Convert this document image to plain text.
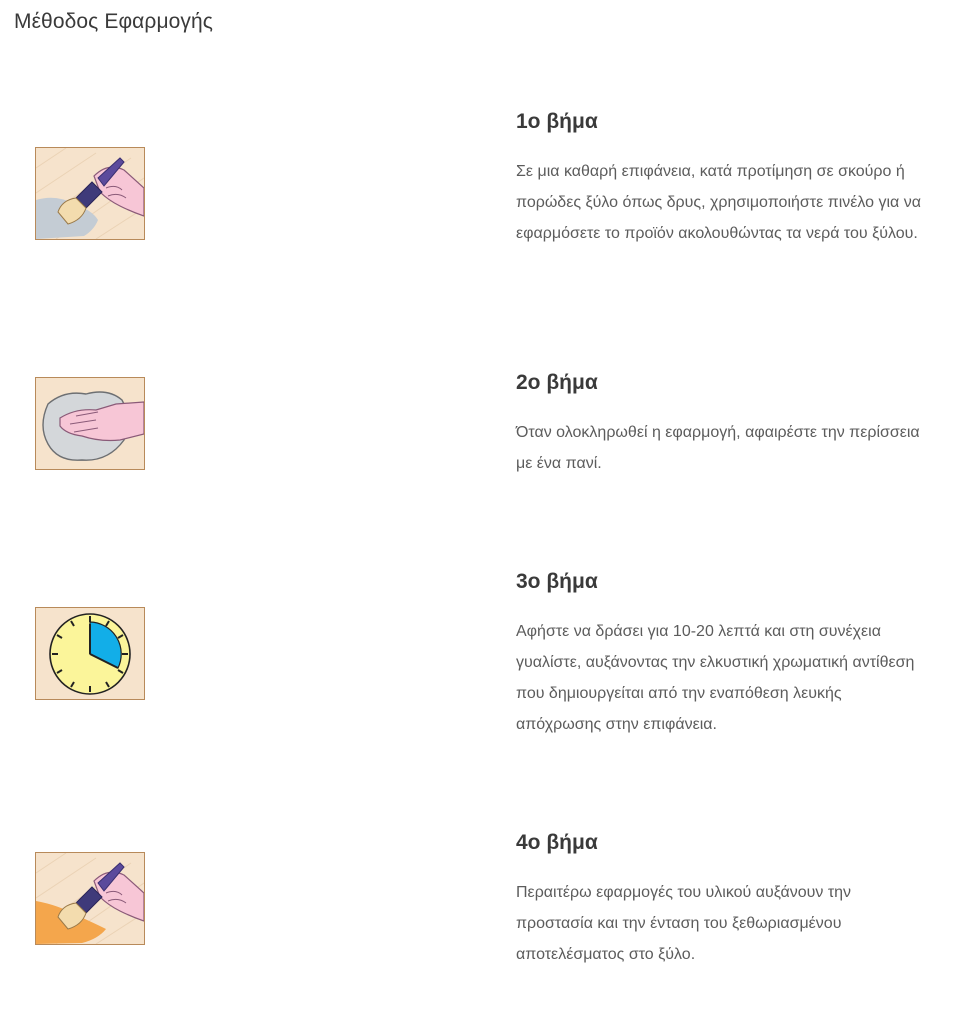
Μέθοδος Εφαρμογής
1ο βήμα

Σε μια καθαρή επιφάνεια, κατά προτίμηση σε σκούρο ή πορώδες ξύλο όπως δρυς, χρησιμοποιήστε πινέλο για να εφαρμόσετε το προϊόν ακολουθώντας τα νερά του ξύλου.

2ο βήμα

Όταν ολοκληρωθεί η εφαρμογή, αφαιρέστε την περίσσεια με ένα πανί.

3ο βήμα

Αφήστε να δράσει για 10-20 λεπτά και στη συνέχεια γυαλίστε, αυξάνοντας την ελκυστική χρωματική αντίθεση που δημιουργείται από την εναπόθεση λευκής απόχρωσης στην επιφάνεια.

4ο βήμα

Περαιτέρω εφαρμογές του υλικού αυξάνουν την προστασία και την ένταση του ξεθωριασμένου αποτελέσματος στο ξύλο.
